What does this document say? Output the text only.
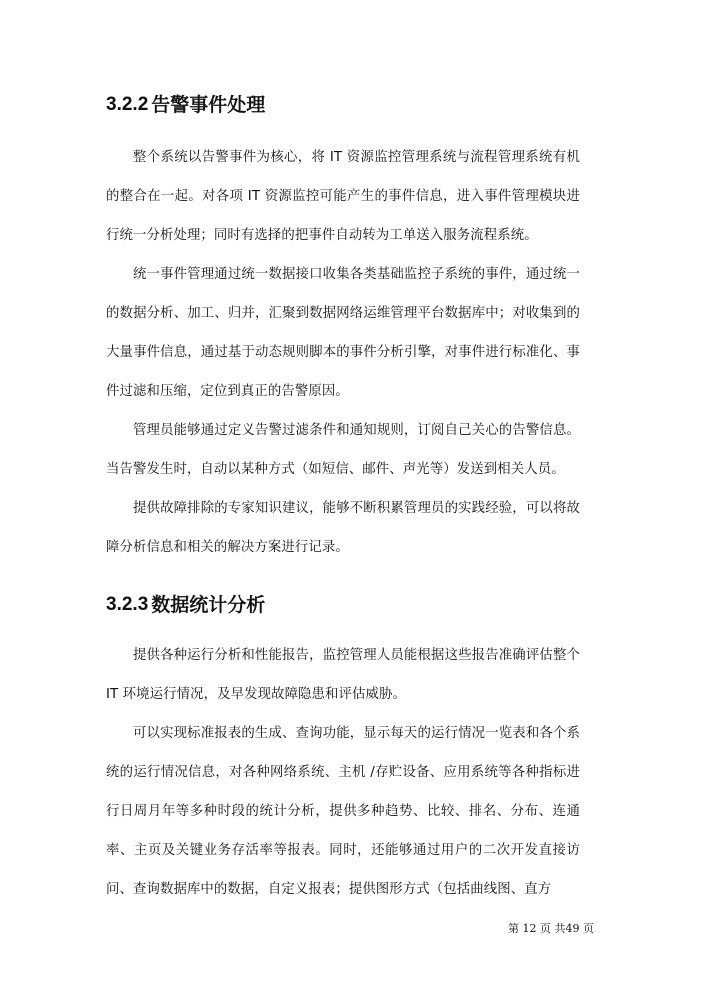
3.2.2 告警事件处理

整个系统以告警事件为核心，将 IT 资源监控管理系统与流程管理系统有机的整合在一起。对各项 IT 资源监控可能产生的事件信息，进入事件管理模块进行统一分析处理；同时有选择的把事件自动转为工单送入服务流程系统。

统一事件管理通过统一数据接口收集各类基础监控子系统的事件，通过统一的数据分析、加工、归并，汇聚到数据网络运维管理平台数据库中；对收集到的大量事件信息，通过基于动态规则脚本的事件分析引擎，对事件进行标准化、事件过滤和压缩，定位到真正的告警原因。

管理员能够通过定义告警过滤条件和通知规则，订阅自己关心的告警信息。当告警发生时，自动以某种方式（如短信、邮件、声光等）发送到相关人员。

提供故障排除的专家知识建议，能够不断积累管理员的实践经验，可以将故障分析信息和相关的解决方案进行记录。

3.2.3 数据统计分析

提供各种运行分析和性能报告，监控管理人员能根据这些报告准确评估整个 IT 环境运行情况，及早发现故障隐患和评估威胁。

可以实现标准报表的生成、查询功能，显示每天的运行情况一览表和各个系统的运行情况信息，对各种网络系统、主机 /存贮设备、应用系统等各种指标进行日周月年等多种时段的统计分析，提供多种趋势、比较、排名、分布、连通率、主页及关键业务存活率等报表。同时，还能够通过用户的二次开发直接访问、查询数据库中的数据，自定义报表；提供图形方式（包括曲线图、直方

第 12 页 共49 页
